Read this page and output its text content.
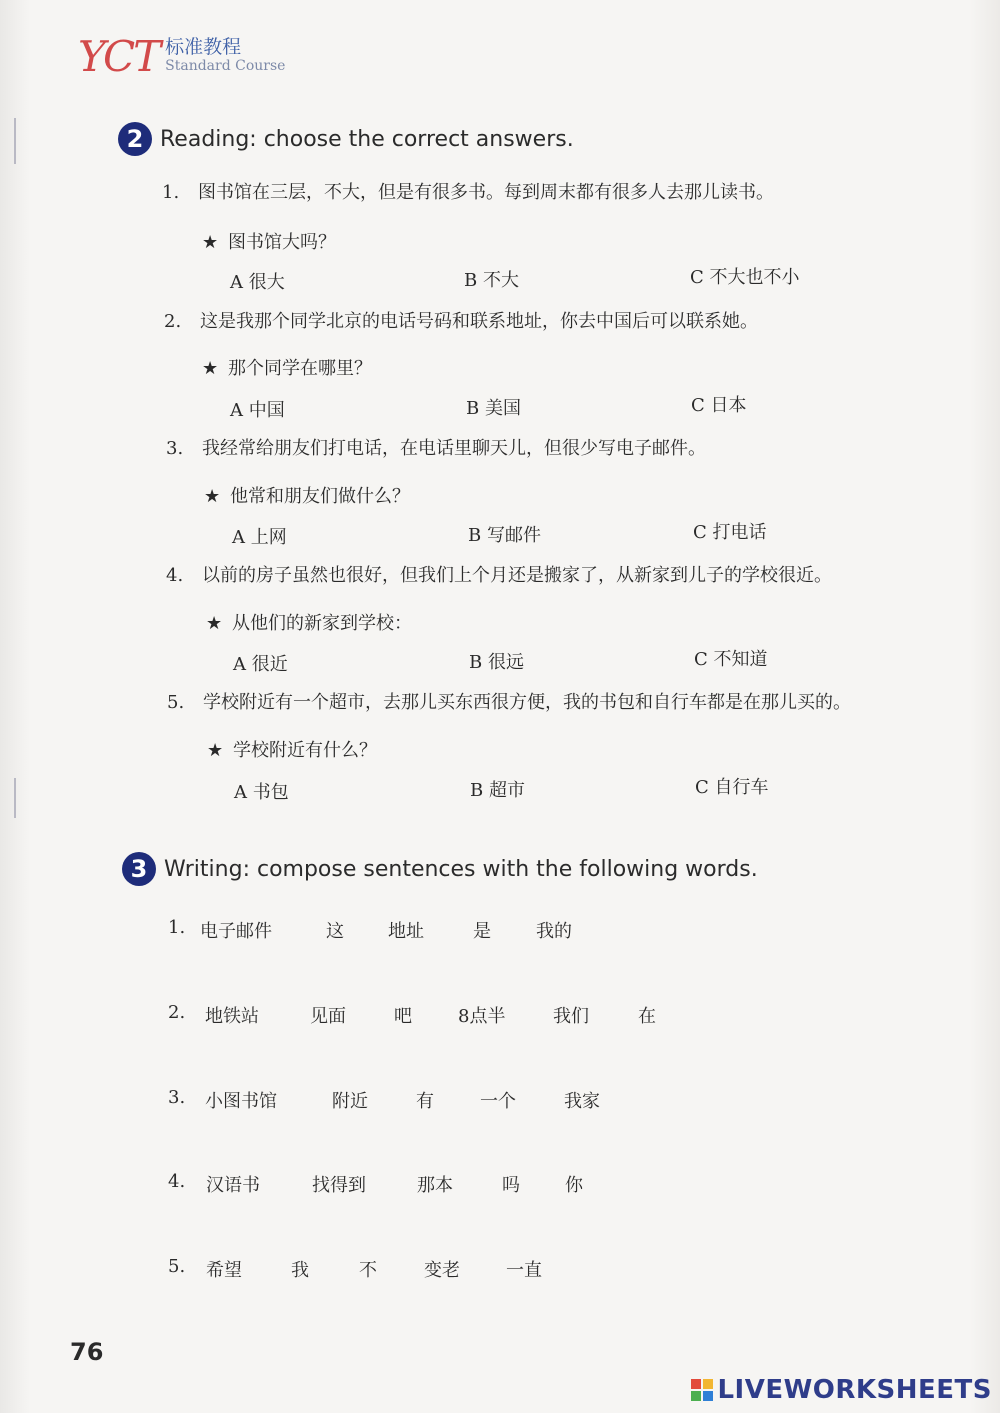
YCT 标准教程
Standard Course
2 Reading: choose the correct answers.
1. 图书馆在三层，不大，但是有很多书。每到周末都有很多人去那儿读书。
★ 图书馆大吗？
A 很大	B 不大	C 不大也不小
2. 这是我那个同学北京的电话号码和联系地址，你去中国后可以联系她。
★ 那个同学在哪里？
A 中国	B 美国	C 日本
3. 我经常给朋友们打电话，在电话里聊天儿，但很少写电子邮件。
★ 他常和朋友们做什么？
A 上网	B 写邮件	C 打电话
4. 以前的房子虽然也很好，但我们上个月还是搬家了，从新家到儿子的学校很近。
★ 从他们的新家到学校：
A 很近	B 很远	C 不知道
5. 学校附近有一个超市，去那儿买东西很方便，我的书包和自行车都是在那儿买的。
★ 学校附近有什么？
A 书包	B 超市	C 自行车
3 Writing: compose sentences with the following words.
1. 电子邮件	这 地址	是	我的
2. 地铁站	见面	吧	8点半	我们	在
3. 小图书馆	附近	有	一个	我家
4. 汉语书	找得到	那本	吗	你
5. 希望	我	不	变老	一直
76
LIVEWORKSHEETS
